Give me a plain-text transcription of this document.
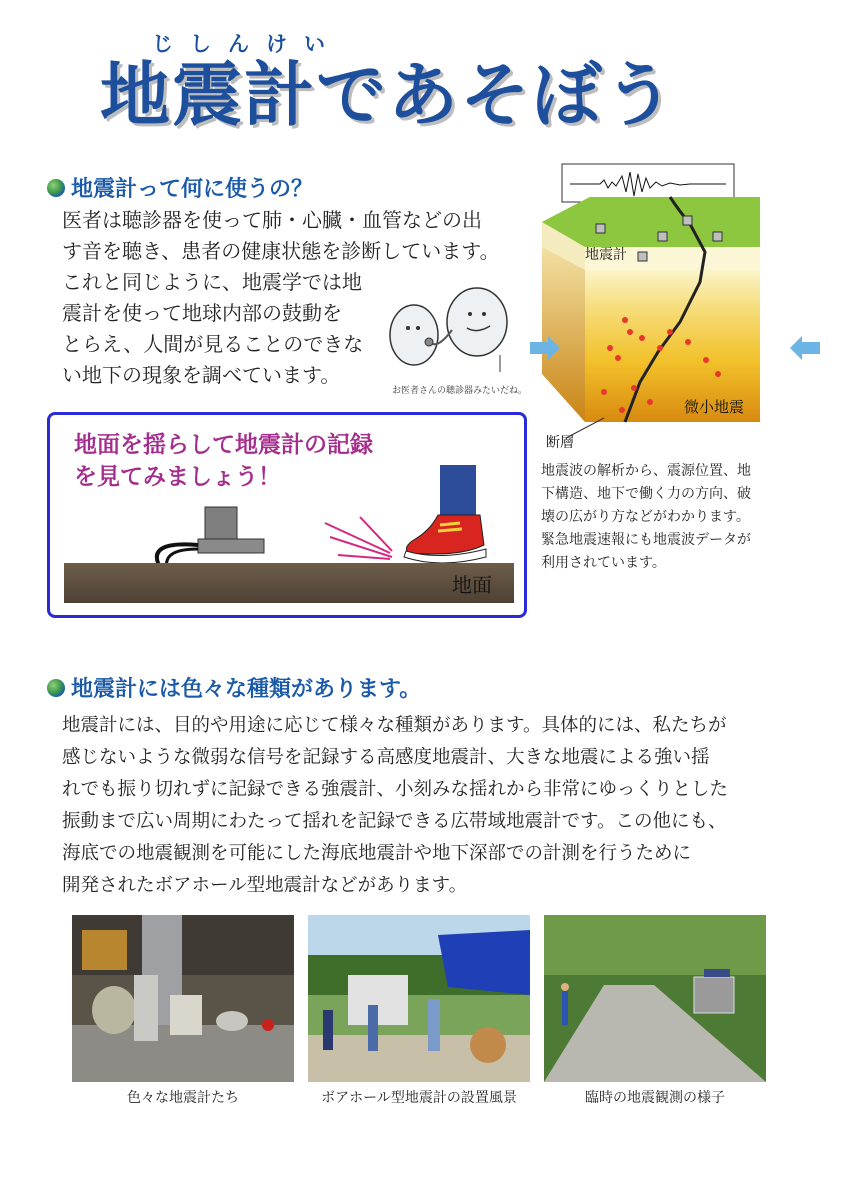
じしんけい
地震計であそぼう
地震計って何に使うの？
医者は聴診器を使って肺・心臓・血管などの出
す音を聴き、患者の健康状態を診断しています。
これと同じように、地震学では地
震計を使って地球内部の鼓動を
とらえ、人間が見ることのできな
い地下の現象を調べています。
お医者さんの聴診器みたいだね。
地面を揺らして地震計の記録
を見てみましょう！
地面
地震計
微小地震
断層
地震波の解析から、震源位置、地
下構造、地下で働く力の方向、破
壊の広がり方などがわかります。
緊急地震速報にも地震波データが
利用されています。
地震計には色々な種類があります。
地震計には、目的や用途に応じて様々な種類があります。具体的には、私たちが
感じないような微弱な信号を記録する高感度地震計、大きな地震による強い揺
れでも振り切れずに記録できる強震計、小刻みな揺れから非常にゆっくりとした
振動まで広い周期にわたって揺れを記録できる広帯域地震計です。この他にも、
海底での地震観測を可能にした海底地震計や地下深部での計測を行うために
開発されたボアホール型地震計などがあります。
色々な地震計たち	ボアホール型地震計の設置風景	臨時の地震観測の様子
